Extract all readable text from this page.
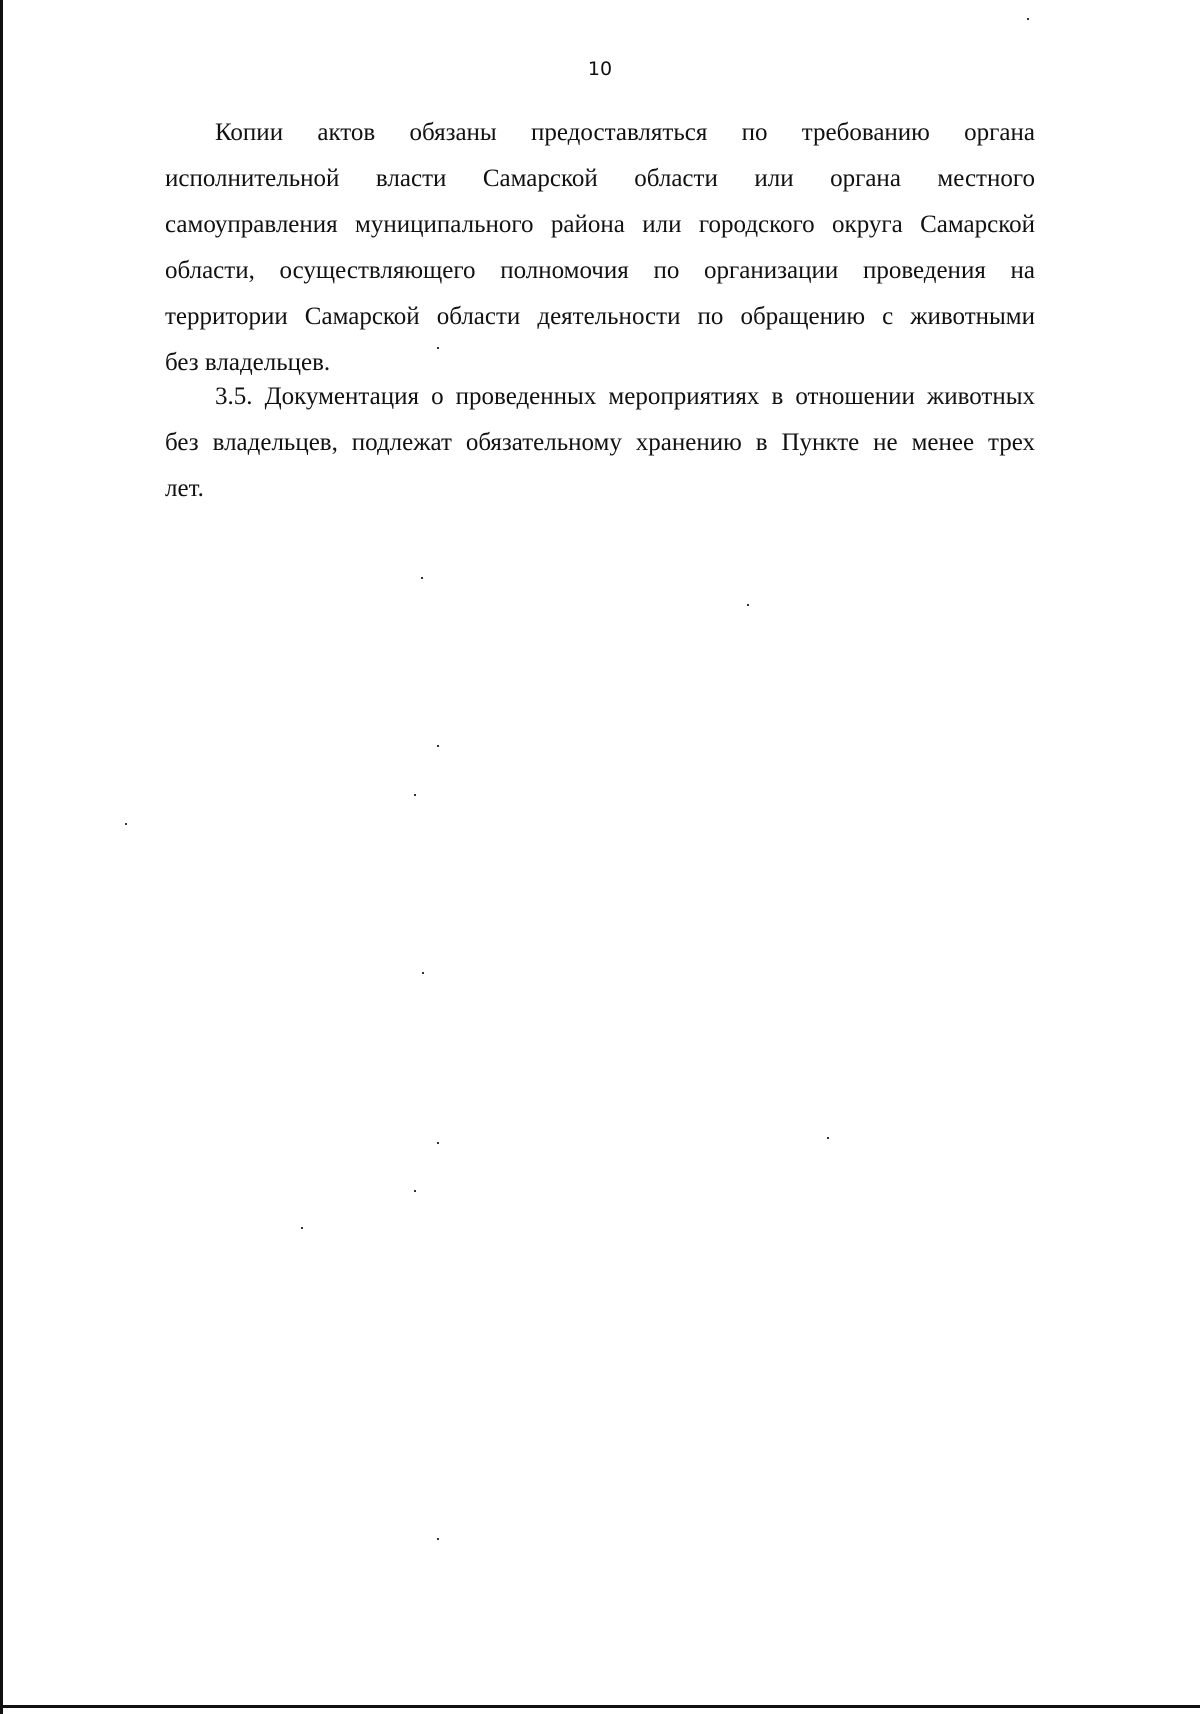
10
Копии актов обязаны предоставляться по требованию органа
исполнительной власти Самарской области или органа местного
самоуправления муниципального района или городского округа Самарской
области, осуществляющего полномочия по организации проведения на
территории Самарской области деятельности по обращению с животными
без владельцев.
3.5. Документация о проведенных мероприятиях в отношении животных
без владельцев, подлежат обязательному хранению в Пункте не менее трех
лет.
